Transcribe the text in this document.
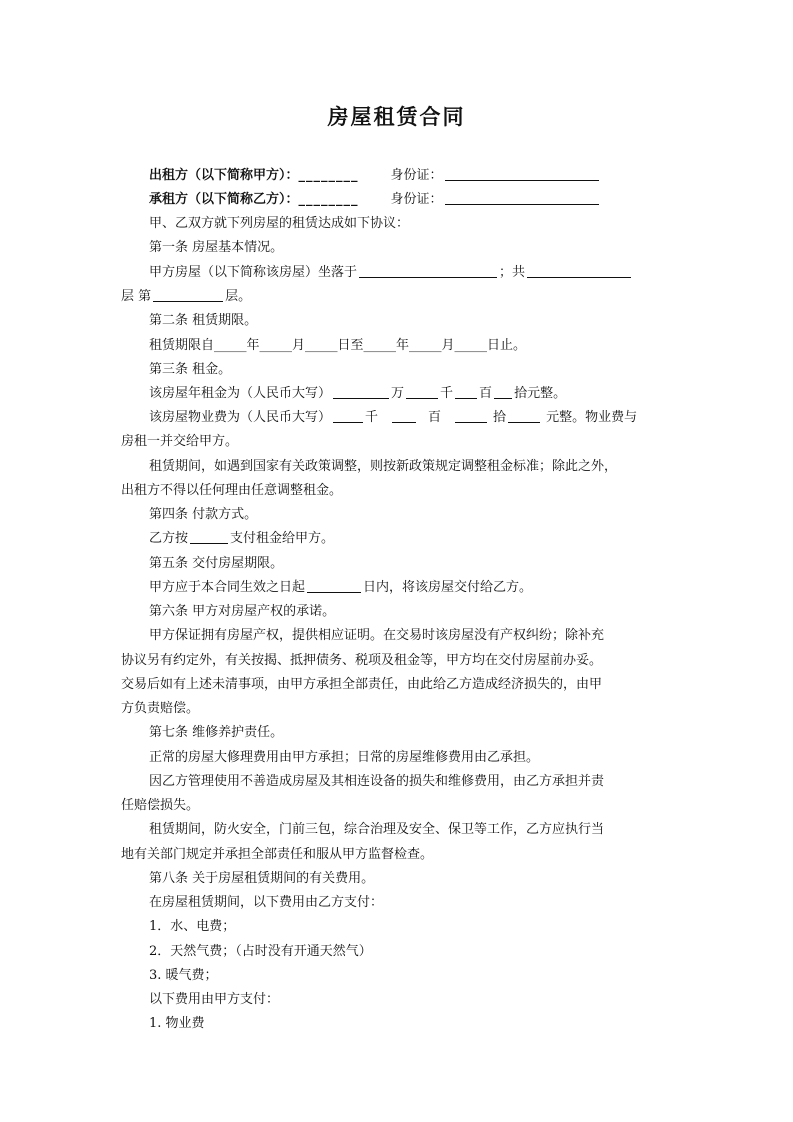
房屋租赁合同
出租方（以下简称甲方）：________ 身份证：
承租方（以下简称乙方）：________ 身份证：
甲、乙双方就下列房屋的租赁达成如下协议：
第一条 房屋基本情况。
甲方房屋（以下简称该房屋）坐落于	；共
层 第	层。
第二条 租赁期限。
租赁期限自_____年_____月_____日至_____年_____月_____日止。
第三条 租金。
该房屋年租金为（人民币大写）	万	千 百 拾元整。
该房屋物业费为（人民币大写）	千	百	拾	元整。物业费与
房租一并交给甲方。
租赁期间，如遇到国家有关政策调整，则按新政策规定调整租金标准；除此之外，
出租方不得以任何理由任意调整租金。
第四条 付款方式。
乙方按	支付租金给甲方。
第五条 交付房屋期限。
甲方应于本合同生效之日起	日内，将该房屋交付给乙方。
第六条 甲方对房屋产权的承诺。
甲方保证拥有房屋产权，提供相应证明。在交易时该房屋没有产权纠纷；除补充
协议另有约定外，有关按揭、抵押债务、税项及租金等，甲方均在交付房屋前办妥。
交易后如有上述未清事项，由甲方承担全部责任，由此给乙方造成经济损失的，由甲
方负责赔偿。
第七条 维修养护责任。
正常的房屋大修理费用由甲方承担；日常的房屋维修费用由乙承担。
因乙方管理使用不善造成房屋及其相连设备的损失和维修费用，由乙方承担并责
任赔偿损失。
租赁期间，防火安全，门前三包，综合治理及安全、保卫等工作，乙方应执行当
地有关部门规定并承担全部责任和服从甲方监督检查。
第八条 关于房屋租赁期间的有关费用。
在房屋租赁期间，以下费用由乙方支付：
1．水、电费；
2．天然气费；（占时没有开通天然气）
3. 暖气费；
以下费用由甲方支付：
1. 物业费
